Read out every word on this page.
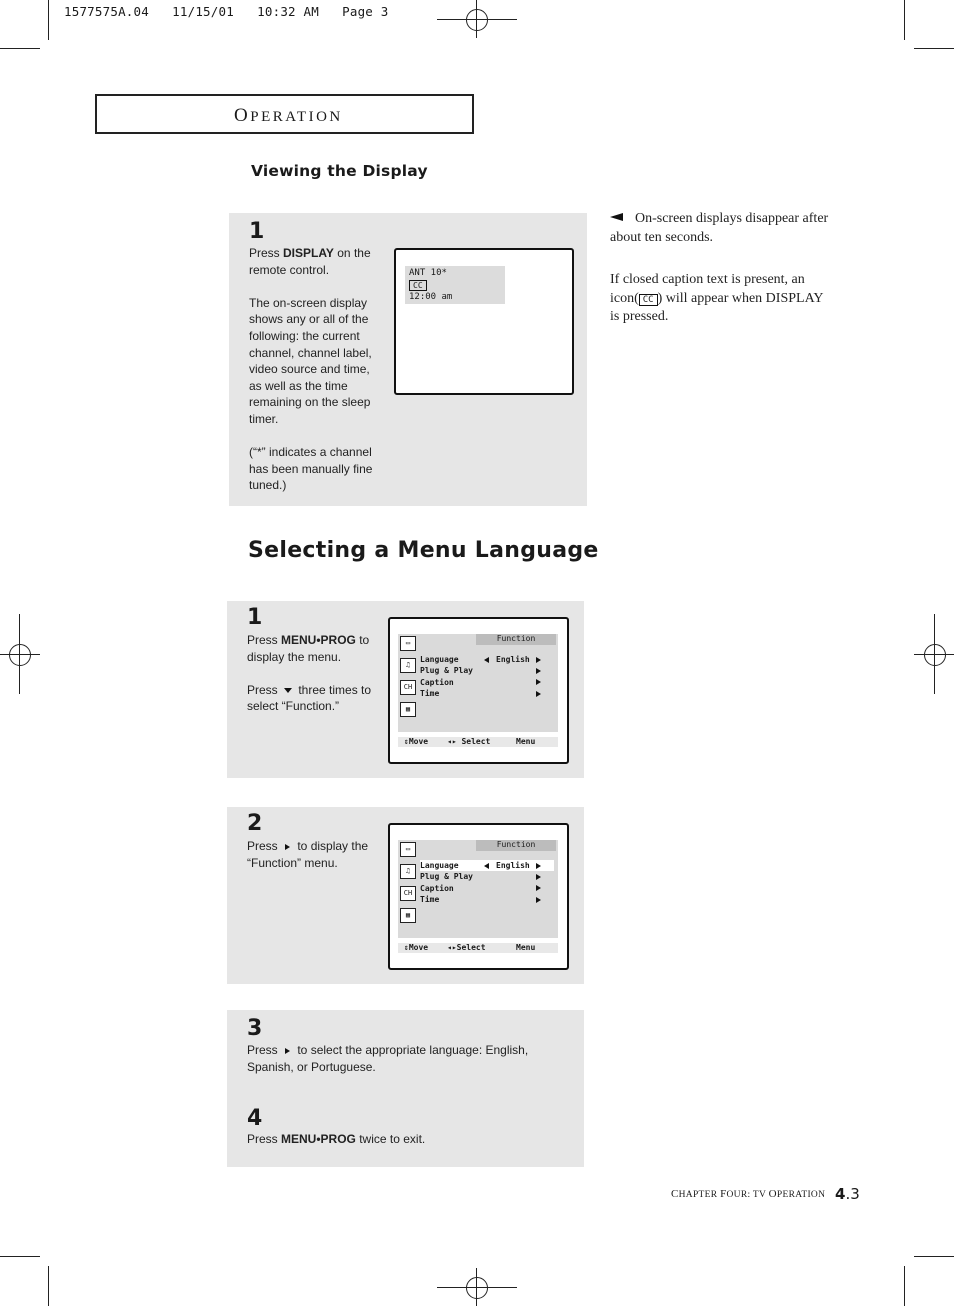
1577575A.04   11/15/01   10:32 AM   Page 3
OPERATION
Viewing the Display
1

Press DISPLAY on the remote control.

The on-screen display shows any or all of the following: the current channel, channel label, video source and time, as well as the time remaining on the sleep timer.

(“*” indicates a channel has been manually fine tuned.)

ANT 10*
CC
12:00 am
On-screen displays disappear after about ten seconds.
If closed caption text is present, an icon( CC ) will appear when DISPLAY is pressed.
Selecting a Menu Language
1

Press MENU•PROG to display the menu.

Press  three times to select “Function.”

▭
♫
CH
▦
Function
Language	English
Plug & Play
Caption
Time
⇕Move ◂▸ Select	Menu
2

Press  to display the “Function” menu.

▭
♫
CH
▦
Function
Language	English
Plug & Play
Caption
Time
⇕Move ◂▸Select	Menu
3

Press  to select the appropriate language: English, Spanish, or Portuguese.

4

Press MENU•PROG twice to exit.

CHAPTER FOUR: TV OPERATION 4.3
